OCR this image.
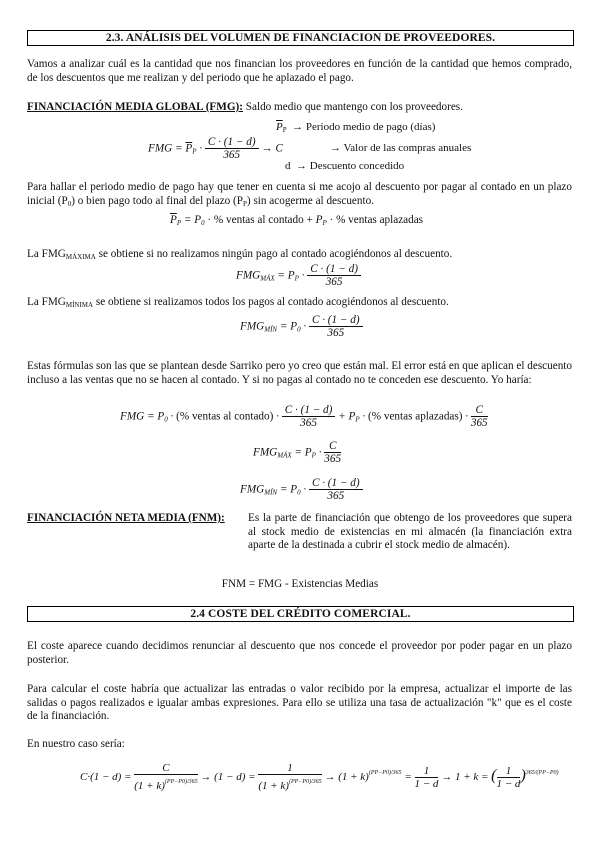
2.3. ANÁLISIS DEL VOLUMEN DE FINANCIACION DE PROVEEDORES.
Vamos a analizar cuál es la cantidad que nos financian los proveedores en función de la cantidad que hemos comprado, de los descuentos que me realizan y del periodo que he aplazado el pago.
FINANCIACIÓN MEDIA GLOBAL (FMG): Saldo medio que mantengo con los proveedores.
FMG = $\overline{P}_P \cdot \frac{C \cdot (1 - d)}{365} \to C$
$\overline{P}_P$ → Periodo medio de pago (días)
→ Valor de las compras anuales
d  → Descuento concedido
Para hallar el periodo medio de pago hay que tener en cuenta si me acojo al descuento por pagar al contado en un plazo inicial $(P_0)$ o bien pago todo al final del plazo $(P_P)$ sin acogerme al descuento.
$\overline{P}_P = P_0$ · % ventas al contado + $P_P$ · % ventas aplazadas
La $FMG_{MÁXIMA}$ se obtiene si no realizamos ningún pago al contado acogiéndonos al descuento.
$FMG_{MÁX} = P_P \cdot \frac{C \cdot (1 - d)}{365}$
La $FMG_{MÍNIMA}$ se obtiene si realizamos todos los pagos al contado acogiéndonos al descuento.
$FMG_{MÍN} = P_0 \cdot \frac{C \cdot (1 - d)}{365}$
Estas fórmulas son las que se plantean desde Sarriko pero yo creo que están mal. El error está en que aplican el descuento incluso a las ventas que no se hacen al contado. Y si no pagas al contado no te conceden ese descuento. Yo haría:
FMG = $P_0$ · (% ventas al contado) · $\frac{C \cdot (1 - d)}{365} + P_P$ · (% ventas aplazadas) · $\frac{C}{365}$
$FMG_{MÁX} = P_P \cdot \frac{C}{365}$
$FMG_{MÍN} = P_0 \cdot \frac{C \cdot (1 - d)}{365}$
FINANCIACIÓN NETA MEDIA (FNM): Es la parte de financiación que obtengo de los proveedores que supera al stock medio de existencias en mi almacén (la financiación extra aparte de la destinada a cubrir el stock medio de almacén).
FNM = FMG - Existencias Medias
2.4 COSTE DEL CRÉDITO COMERCIAL.
El coste aparece cuando decidimos renunciar al descuento que nos concede el proveedor por poder pagar en un plazo posterior.
Para calcular el coste habría que actualizar las entradas o valor recibido por la empresa, actualizar el importe de las salidas o pagos realizados e igualar ambas expresiones. Para ello se utiliza una tasa de actualización "k" que es el coste de la financiación.
En nuestro caso sería:
$C\cdot(1 - d) = \frac{C}{(1 + k)^{(PP-P0)/365}} \to (1 - d) = \frac{1}{(1 + k)^{(PP-P0)/365}} \to (1 + k)^{(PP-P0)/365} = \frac{1}{1 - d} \to 1 + k$ = ( $\frac{1}{1 - d} )^{365/(PP-P0)}$
